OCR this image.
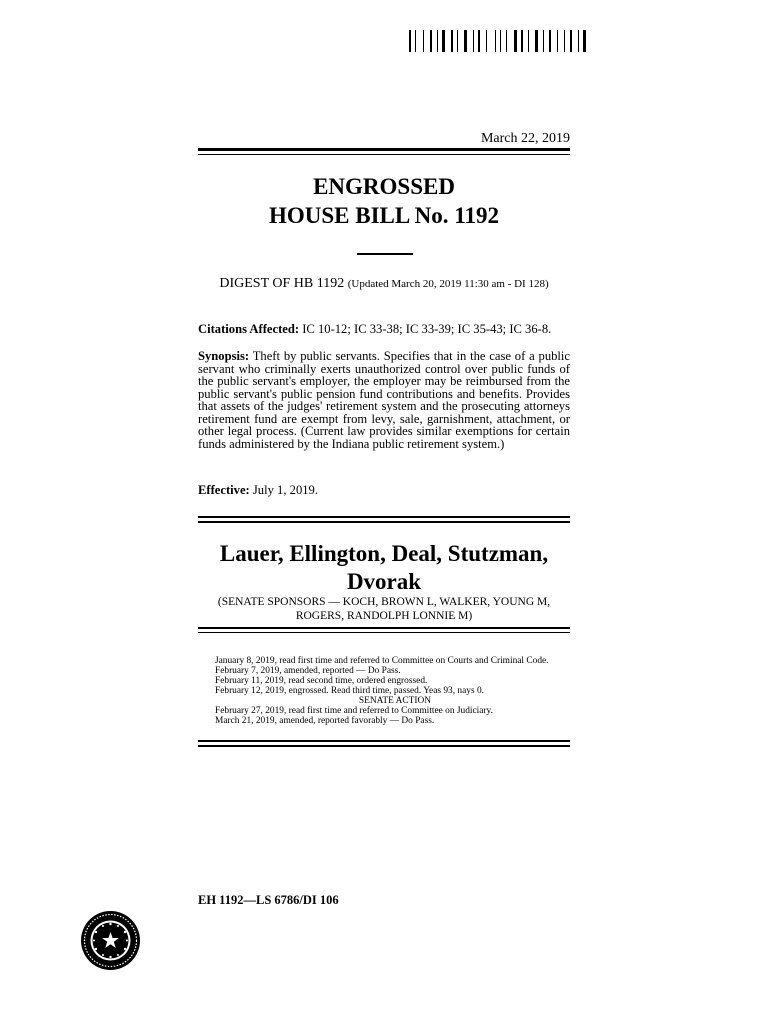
March 22, 2019
ENGROSSED
HOUSE BILL No. 1192
DIGEST OF HB 1192 (Updated March 20, 2019 11:30 am - DI 128)
Citations Affected: IC 10-12; IC 33-38; IC 33-39; IC 35-43; IC 36-8.
Synopsis: Theft by public servants. Specifies that in the case of a public servant who criminally exerts unauthorized control over public funds of the public servant's employer, the employer may be reimbursed from the public servant's public pension fund contributions and benefits. Provides that assets of the judges' retirement system and the prosecuting attorneys retirement fund are exempt from levy, sale, garnishment, attachment, or other legal process. (Current law provides similar exemptions for certain funds administered by the Indiana public retirement system.)
Effective: July 1, 2019.
Lauer, Ellington, Deal, Stutzman,
Dvorak
(SENATE SPONSORS — KOCH, BROWN L, WALKER, YOUNG M,
ROGERS, RANDOLPH LONNIE M)
January 8, 2019, read first time and referred to Committee on Courts and Criminal Code.
February 7, 2019, amended, reported — Do Pass.
February 11, 2019, read second time, ordered engrossed.
February 12, 2019, engrossed. Read third time, passed. Yeas 93, nays 0.
SENATE ACTION
February 27, 2019, read first time and referred to Committee on Judiciary.
March 21, 2019, amended, reported favorably — Do Pass.
EH 1192—LS 6786/DI 106
